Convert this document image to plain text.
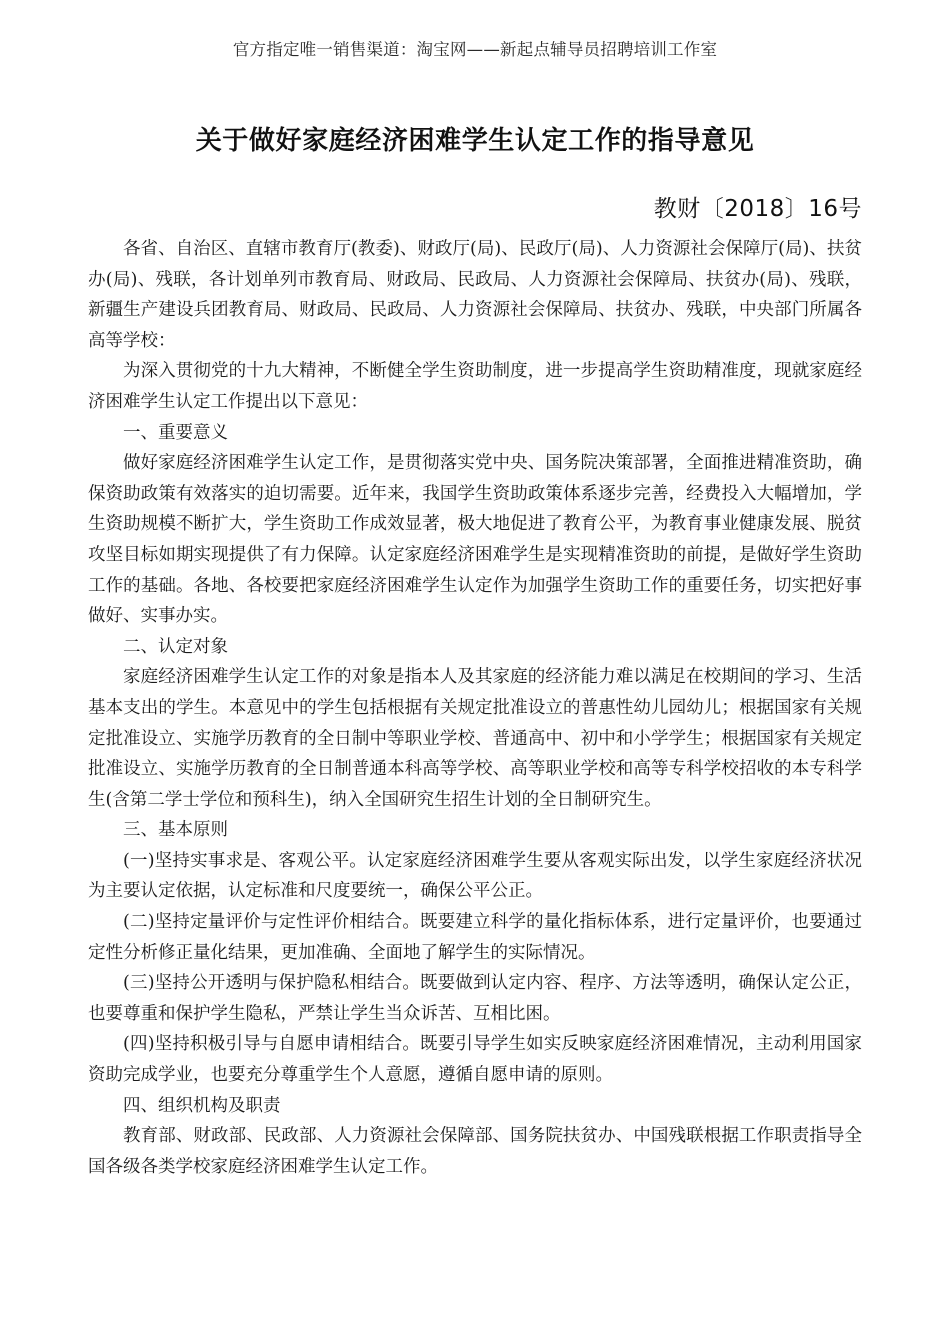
官方指定唯一销售渠道：淘宝网——新起点辅导员招聘培训工作室
关于做好家庭经济困难学生认定工作的指导意见
教财〔2018〕16号

各省、自治区、直辖市教育厅(教委)、财政厅(局)、民政厅(局)、人力资源社会保障厅(局)、扶贫办(局)、残联，各计划单列市教育局、财政局、民政局、人力资源社会保障局、扶贫办(局)、残联，新疆生产建设兵团教育局、财政局、民政局、人力资源社会保障局、扶贫办、残联，中央部门所属各高等学校：

为深入贯彻党的十九大精神，不断健全学生资助制度，进一步提高学生资助精准度，现就家庭经济困难学生认定工作提出以下意见：

一、重要意义

做好家庭经济困难学生认定工作，是贯彻落实党中央、国务院决策部署，全面推进精准资助，确保资助政策有效落实的迫切需要。近年来，我国学生资助政策体系逐步完善，经费投入大幅增加，学生资助规模不断扩大，学生资助工作成效显著，极大地促进了教育公平，为教育事业健康发展、脱贫攻坚目标如期实现提供了有力保障。认定家庭经济困难学生是实现精准资助的前提，是做好学生资助工作的基础。各地、各校要把家庭经济困难学生认定作为加强学生资助工作的重要任务，切实把好事做好、实事办实。

二、认定对象

家庭经济困难学生认定工作的对象是指本人及其家庭的经济能力难以满足在校期间的学习、生活基本支出的学生。本意见中的学生包括根据有关规定批准设立的普惠性幼儿园幼儿；根据国家有关规定批准设立、实施学历教育的全日制中等职业学校、普通高中、初中和小学学生；根据国家有关规定批准设立、实施学历教育的全日制普通本科高等学校、高等职业学校和高等专科学校招收的本专科学生(含第二学士学位和预科生)，纳入全国研究生招生计划的全日制研究生。

三、基本原则

(一)坚持实事求是、客观公平。认定家庭经济困难学生要从客观实际出发，以学生家庭经济状况为主要认定依据，认定标准和尺度要统一，确保公平公正。

(二)坚持定量评价与定性评价相结合。既要建立科学的量化指标体系，进行定量评价，也要通过定性分析修正量化结果，更加准确、全面地了解学生的实际情况。

(三)坚持公开透明与保护隐私相结合。既要做到认定内容、程序、方法等透明，确保认定公正，也要尊重和保护学生隐私，严禁让学生当众诉苦、互相比困。

(四)坚持积极引导与自愿申请相结合。既要引导学生如实反映家庭经济困难情况，主动利用国家资助完成学业，也要充分尊重学生个人意愿，遵循自愿申请的原则。

四、组织机构及职责

教育部、财政部、民政部、人力资源社会保障部、国务院扶贫办、中国残联根据工作职责指导全国各级各类学校家庭经济困难学生认定工作。
